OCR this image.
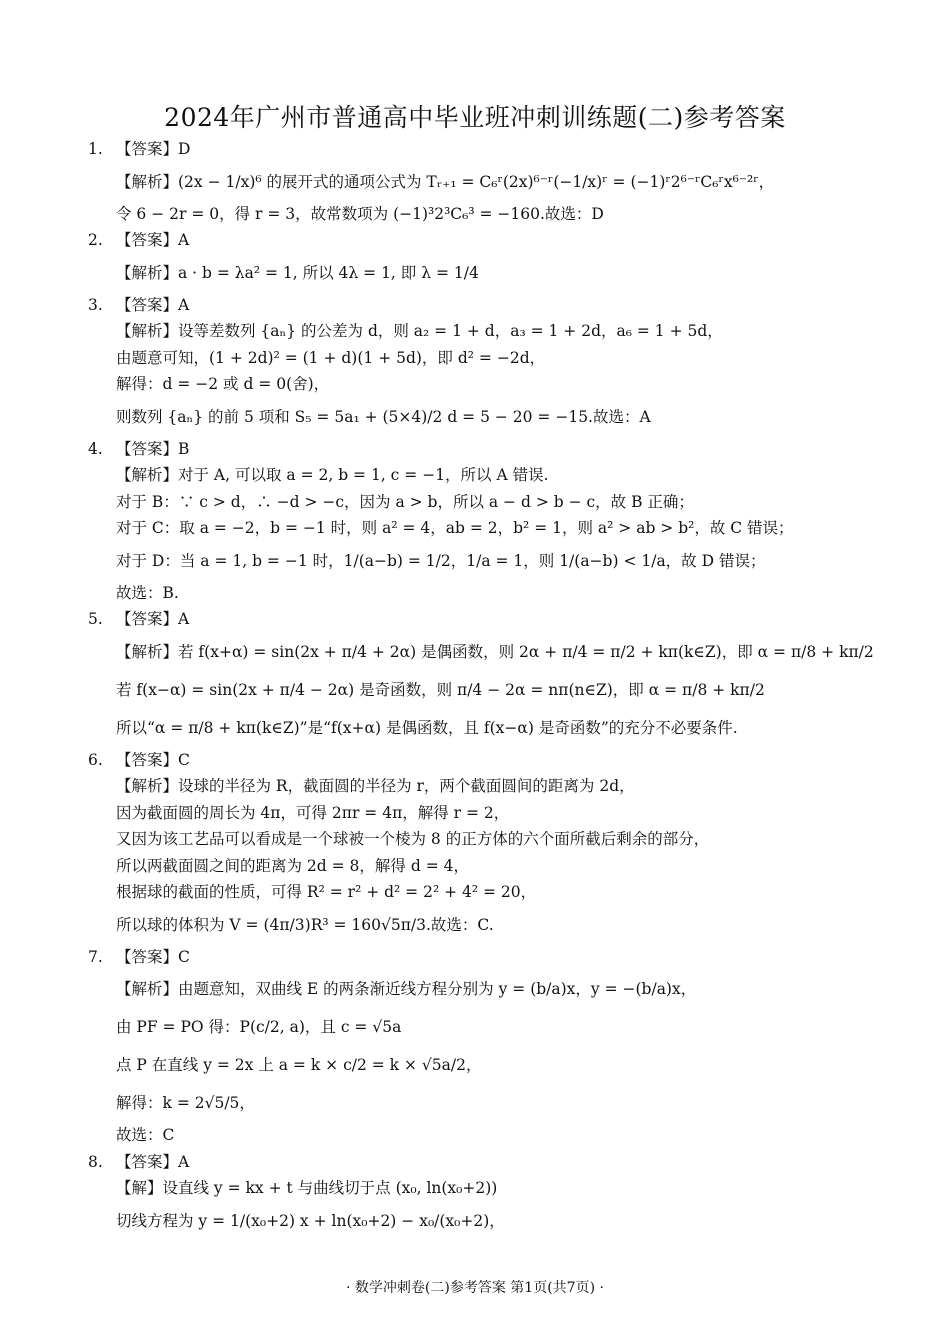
2024年广州市普通高中毕业班冲刺训练题(二)参考答案
1. 【答案】D
【解析】(2x − 1/x)⁶ 的展开式的通项公式为 Tᵣ₊₁ = C₆ʳ(2x)⁶⁻ʳ(−1/x)ʳ = (−1)ʳ2⁶⁻ʳC₆ʳx⁶⁻²ʳ，
令 6 − 2r = 0，得 r = 3，故常数项为 (−1)³2³C₆³ = −160.故选：D
2. 【答案】A
【解析】a · b = λa² = 1, 所以 4λ = 1, 即 λ = 1/4
3. 【答案】A
【解析】设等差数列 {aₙ} 的公差为 d，则 a₂ = 1 + d，a₃ = 1 + 2d，a₆ = 1 + 5d，
由题意可知，(1 + 2d)² = (1 + d)(1 + 5d)，即 d² = −2d，
解得：d = −2 或 d = 0(舍)，
则数列 {aₙ} 的前 5 项和 S₅ = 5a₁ + (5×4)/2 d = 5 − 20 = −15.故选：A
4. 【答案】B
【解析】对于 A, 可以取 a = 2, b = 1, c = −1，所以 A 错误.
对于 B：∵ c > d，∴ −d > −c，因为 a > b，所以 a − d > b − c，故 B 正确；
对于 C：取 a = −2，b = −1 时，则 a² = 4，ab = 2，b² = 1，则 a² > ab > b²，故 C 错误；
对于 D：当 a = 1, b = −1 时，1/(a−b) = 1/2，1/a = 1，则 1/(a−b) < 1/a，故 D 错误；
故选：B.
5. 【答案】A
【解析】若 f(x+α) = sin(2x + π/4 + 2α) 是偶函数，则 2α + π/4 = π/2 + kπ(k∈Z)，即 α = π/8 + kπ/2
若 f(x−α) = sin(2x + π/4 − 2α) 是奇函数，则 π/4 − 2α = nπ(n∈Z)，即 α = π/8 + kπ/2
所以“α = π/8 + kπ(k∈Z)”是“f(x+α) 是偶函数，且 f(x−α) 是奇函数”的充分不必要条件.
6. 【答案】C
【解析】设球的半径为 R，截面圆的半径为 r，两个截面圆间的距离为 2d，
因为截面圆的周长为 4π，可得 2πr = 4π，解得 r = 2，
又因为该工艺品可以看成是一个球被一个棱为 8 的正方体的六个面所截后剩余的部分，
所以两截面圆之间的距离为 2d = 8，解得 d = 4，
根据球的截面的性质，可得 R² = r² + d² = 2² + 4² = 20，
所以球的体积为 V = (4π/3)R³ = 160√5π/3.故选：C.
7. 【答案】C
【解析】由题意知，双曲线 E 的两条渐近线方程分别为 y = (b/a)x，y = −(b/a)x，
由 PF = PO 得：P(c/2, a)，且 c = √5a
点 P 在直线 y = 2x 上 a = k × c/2 = k × √5a/2，
解得：k = 2√5/5，
故选：C
8. 【答案】A
【解】设直线 y = kx + t 与曲线切于点 (x₀, ln(x₀+2))
切线方程为 y = 1/(x₀+2) x + ln(x₀+2) − x₀/(x₀+2)，
· 数学冲刺卷(二)参考答案 第1页(共7页) ·
